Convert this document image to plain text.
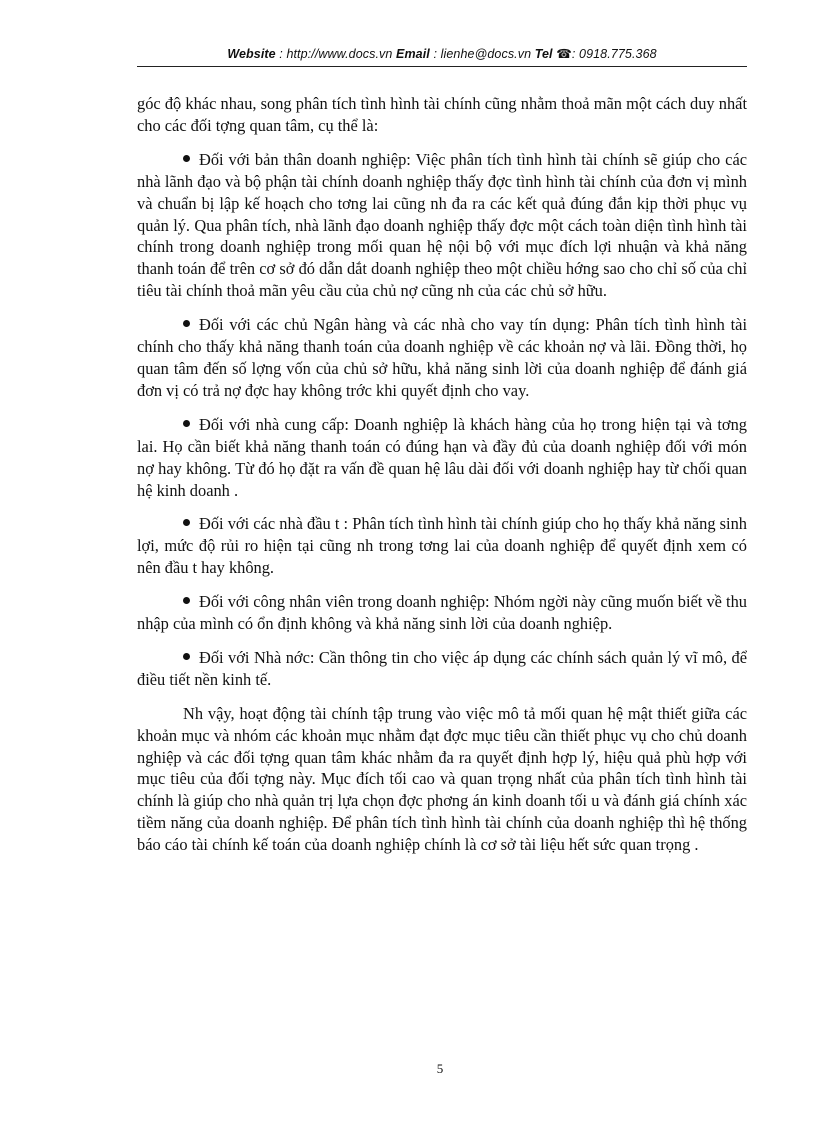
Website : http://www.docs.vn Email : lienhe@docs.vn Tel ☎: 0918.775.368

góc độ khác nhau, song phân tích tình hình tài chính cũng nhằm thoả mãn một cách duy nhất cho các đối tợng quan tâm, cụ thể là:

Đối với bản thân doanh nghiệp: Việc phân tích tình hình tài chính sẽ giúp cho các nhà lãnh đạo và bộ phận tài chính doanh nghiệp thấy đợc tình hình tài chính của đơn vị mình và chuẩn bị lập kế hoạch cho tơng lai cũng nh đa ra các kết quả đúng đắn kịp thời phục vụ quản lý. Qua phân tích, nhà lãnh đạo doanh nghiệp thấy đợc một cách toàn diện tình hình tài chính trong doanh nghiệp trong mối quan hệ nội bộ với mục đích lợi nhuận và khả năng thanh toán để trên cơ sở đó dẫn dắt doanh nghiệp theo một chiều hớng sao cho chỉ số của chỉ tiêu tài chính thoả mãn yêu cầu của chủ nợ cũng nh của các chủ sở hữu.

Đối với các chủ Ngân hàng và các nhà cho vay tín dụng: Phân tích tình hình tài chính cho thấy khả năng thanh toán của doanh nghiệp về các khoản nợ và lãi. Đồng thời, họ quan tâm đến số lợng vốn của chủ sở hữu, khả năng sinh lời của doanh nghiệp để đánh giá đơn vị có trả nợ đợc hay không trớc khi quyết định cho vay.

Đối với nhà cung cấp: Doanh nghiệp là khách hàng của họ trong hiện tại và tơng lai. Họ cần biết khả năng thanh toán có đúng hạn và đầy đủ của doanh nghiệp đối với món nợ hay không. Từ đó họ đặt ra vấn đề quan hệ lâu dài đối với doanh nghiệp hay từ chối quan hệ kinh doanh .

Đối với các nhà đầu t : Phân tích tình hình tài chính giúp cho họ thấy khả năng sinh lợi, mức độ rủi ro hiện tại cũng nh trong tơng lai của doanh nghiệp để quyết định xem có nên đầu t hay không.

Đối với công nhân viên trong doanh nghiệp: Nhóm ngời này cũng muốn biết về thu nhập của mình có ổn định không và khả năng sinh lời của doanh nghiệp.

Đối với Nhà nớc: Cần thông tin cho việc áp dụng các chính sách quản lý vĩ mô, để điều tiết nền kinh tế.

Nh vậy, hoạt động tài chính tập trung vào việc mô tả mối quan hệ mật thiết giữa các khoản mục và nhóm các khoản mục nhằm đạt đợc mục tiêu cần thiết phục vụ cho chủ doanh nghiệp và các đối tợng quan tâm khác nhằm đa ra quyết định hợp lý, hiệu quả phù hợp với mục tiêu của đối tợng này. Mục đích tối cao và quan trọng nhất của phân tích tình hình tài chính là giúp cho nhà quản trị lựa chọn đợc phơng án kinh doanh tối u và đánh giá chính xác tiềm năng của doanh nghiệp. Để phân tích tình hình tài chính của doanh nghiệp thì hệ thống báo cáo tài chính kế toán của doanh nghiệp chính là cơ sở tài liệu hết sức quan trọng .

5
